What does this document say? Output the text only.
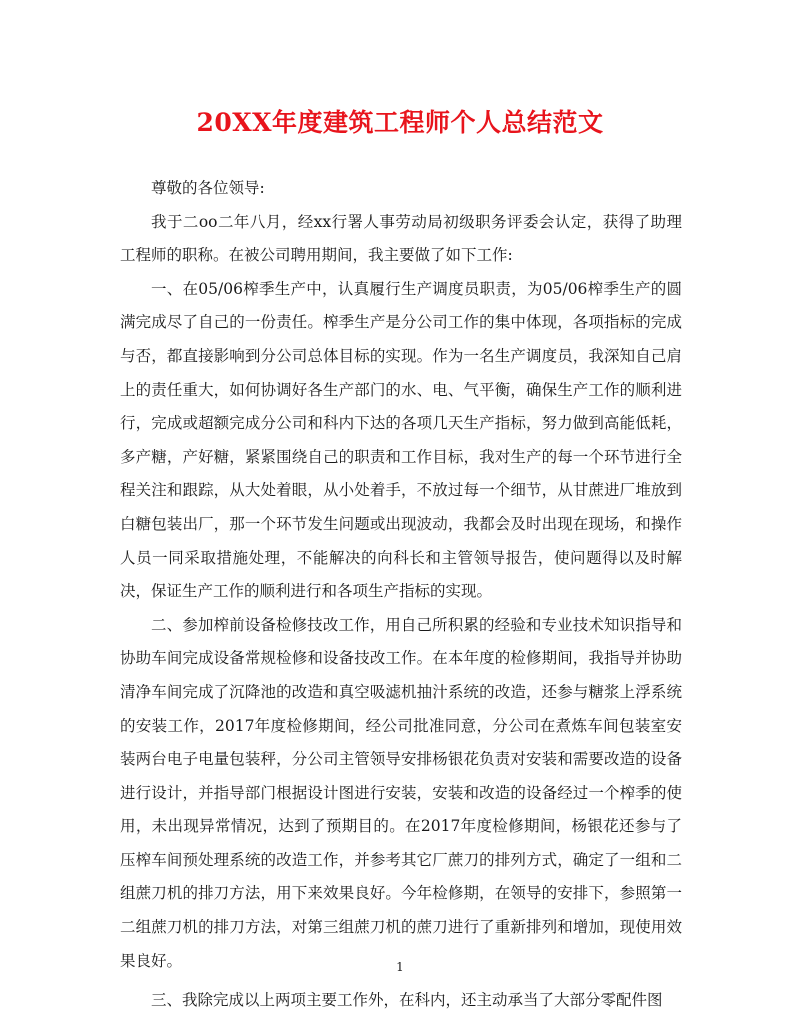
20XX年度建筑工程师个人总结范文

尊敬的各位领导:

我于二oo二年八月，经xx行署人事劳动局初级职务评委会认定，获得了助理工程师的职称。在被公司聘用期间，我主要做了如下工作:

一、在05/06榨季生产中，认真履行生产调度员职责，为05/06榨季生产的圆满完成尽了自己的一份责任。榨季生产是分公司工作的集中体现，各项指标的完成与否，都直接影响到分公司总体目标的实现。作为一名生产调度员，我深知自己肩上的责任重大，如何协调好各生产部门的水、电、气平衡，确保生产工作的顺利进行，完成或超额完成分公司和科内下达的各项几天生产指标，努力做到高能低耗，多产糖，产好糖，紧紧围绕自己的职责和工作目标，我对生产的每一个环节进行全程关注和跟踪，从大处着眼，从小处着手，不放过每一个细节，从甘蔗进厂堆放到白糖包装出厂，那一个环节发生问题或出现波动，我都会及时出现在现场，和操作人员一同采取措施处理，不能解决的向科长和主管领导报告，使问题得以及时解决，保证生产工作的顺利进行和各项生产指标的实现。

二、参加榨前设备检修技改工作，用自己所积累的经验和专业技术知识指导和协助车间完成设备常规检修和设备技改工作。在本年度的检修期间，我指导并协助清净车间完成了沉降池的改造和真空吸滤机抽汁系统的改造，还参与糖浆上浮系统的安装工作，2017年度检修期间，经公司批准同意，分公司在煮炼车间包装室安装两台电子电量包装秤，分公司主管领导安排杨银花负责对安装和需要改造的设备进行设计，并指导部门根据设计图进行安装，安装和改造的设备经过一个榨季的使用，未出现异常情况，达到了预期目的。在2017年度检修期间，杨银花还参与了压榨车间预处理系统的改造工作，并参考其它厂蔗刀的排列方式，确定了一组和二组蔗刀机的排刀方法，用下来效果良好。今年检修期，在领导的安排下，参照第一二组蔗刀机的排刀方法，对第三组蔗刀机的蔗刀进行了重新排列和增加，现使用效果良好。

三、我除完成以上两项主要工作外，在科内，还主动承当了大部分零配件图

1
